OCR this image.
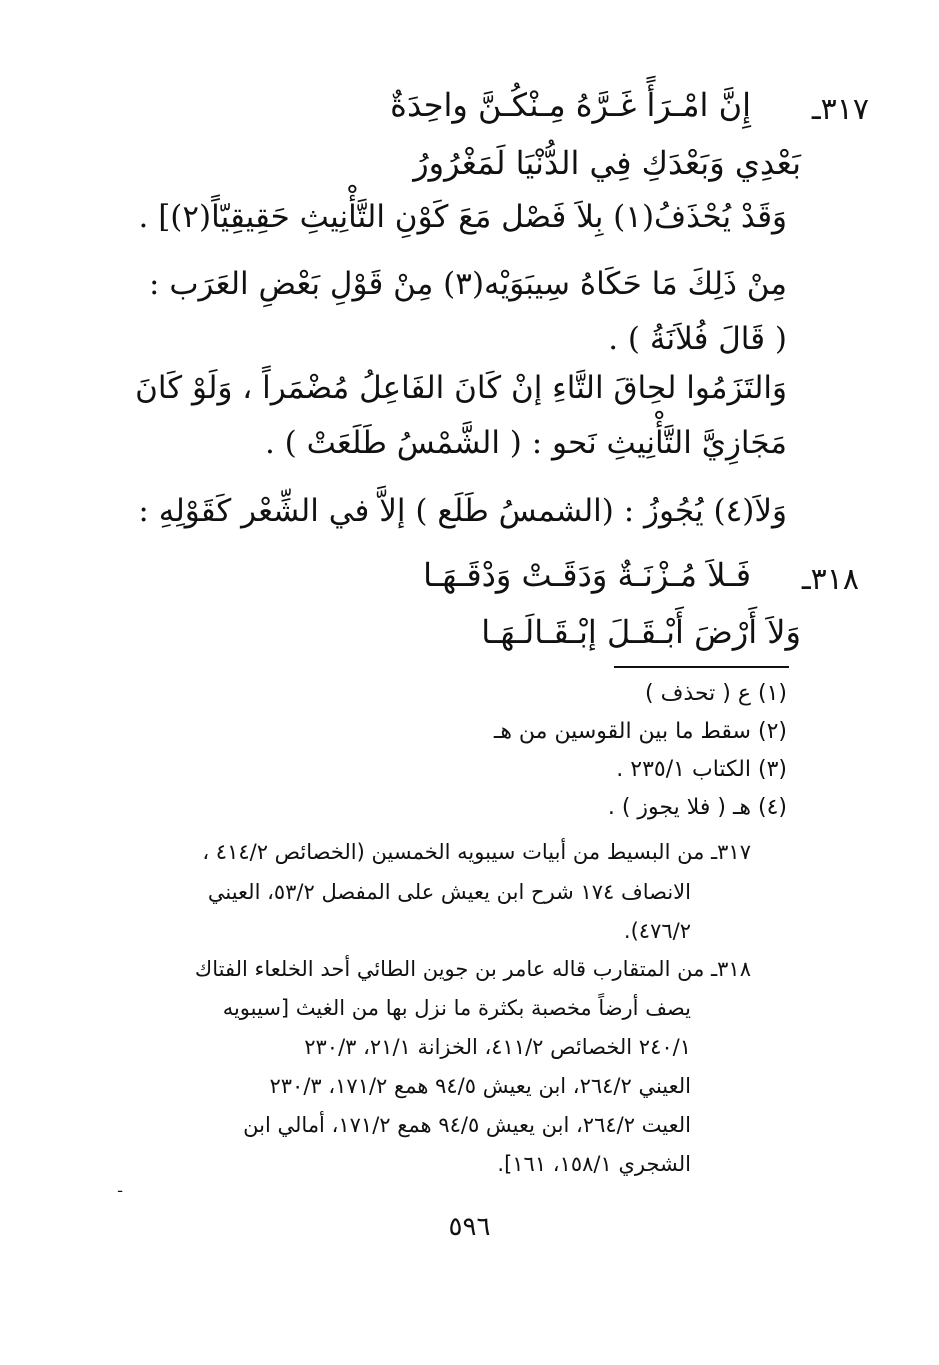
٣١٧ـ
إِنَّ امْـرَأً غَـرَّهُ مِـنْكُـنَّ واحِدَةٌ
بَعْدِي وَبَعْدَكِ فِي الدُّنْيَا لَمَغْرُورُ
وَقَدْ يُحْذَفُ(١) بِلاَ فَصْل مَعَ كَوْنِ التَّأْنِيثِ حَقِيقِيّاً(٢)] .
مِنْ ذَلِكَ مَا حَكَاهُ سِيبَوَيْه(٣) مِنْ قَوْلِ بَعْضِ العَرَب :
( قَالَ فُلاَنَةُ ) .
وَالتَزَمُوا لحِاقَ التَّاءِ إنْ كَانَ الفَاعِلُ مُضْمَراً ، وَلَوْ كَانَ
مَجَازِيَّ التَّأْنِيثِ نَحو : ( الشَّمْسُ طَلَعَتْ ) .
وَلاَ(٤) يُجُوزُ : (الشمسُ طَلَع ) إلاَّ في الشِّعْر كَقَوْلِهِ :
٣١٨ـ
فَـلاَ مُـزْنَـةٌ وَدَقَـتْ وَدْقَـهَـا
وَلاَ أَرْضَ أَبْـقَـلَ إبْـقَـالَـهَـا
(١) ع ( تحذف )
(٢) سقط ما بين القوسين من هـ
(٣) الكتاب ٢٣٥/١ .
(٤) هـ ( فلا يجوز ) .
٣١٧ـ من البسيط من أبيات سيبويه الخمسين (الخصائص ٤١٤/٢ ،
الانصاف ١٧٤ شرح ابن يعيش على المفصل ٥٣/٢، العيني
٤٧٦/٢).
٣١٨ـ من المتقارب قاله عامر بن جوين الطائي أحد الخلعاء الفتاك
يصف أرضاً مخصبة بكثرة ما نزل بها من الغيث [سيبويه
٢٤٠/١ الخصائص ٤١١/٢، الخزانة ٢١/١، ٢٣٠/٣
العيني ٢٦٤/٢، ابن يعيش ٩٤/٥ همع ١٧١/٢، ٢٣٠/٣
العيت ٢٦٤/٢، ابن يعيش ٩٤/٥ همع ١٧١/٢، أمالي ابن
الشجري ١٥٨/١، ١٦١].
ـ
٥٩٦
